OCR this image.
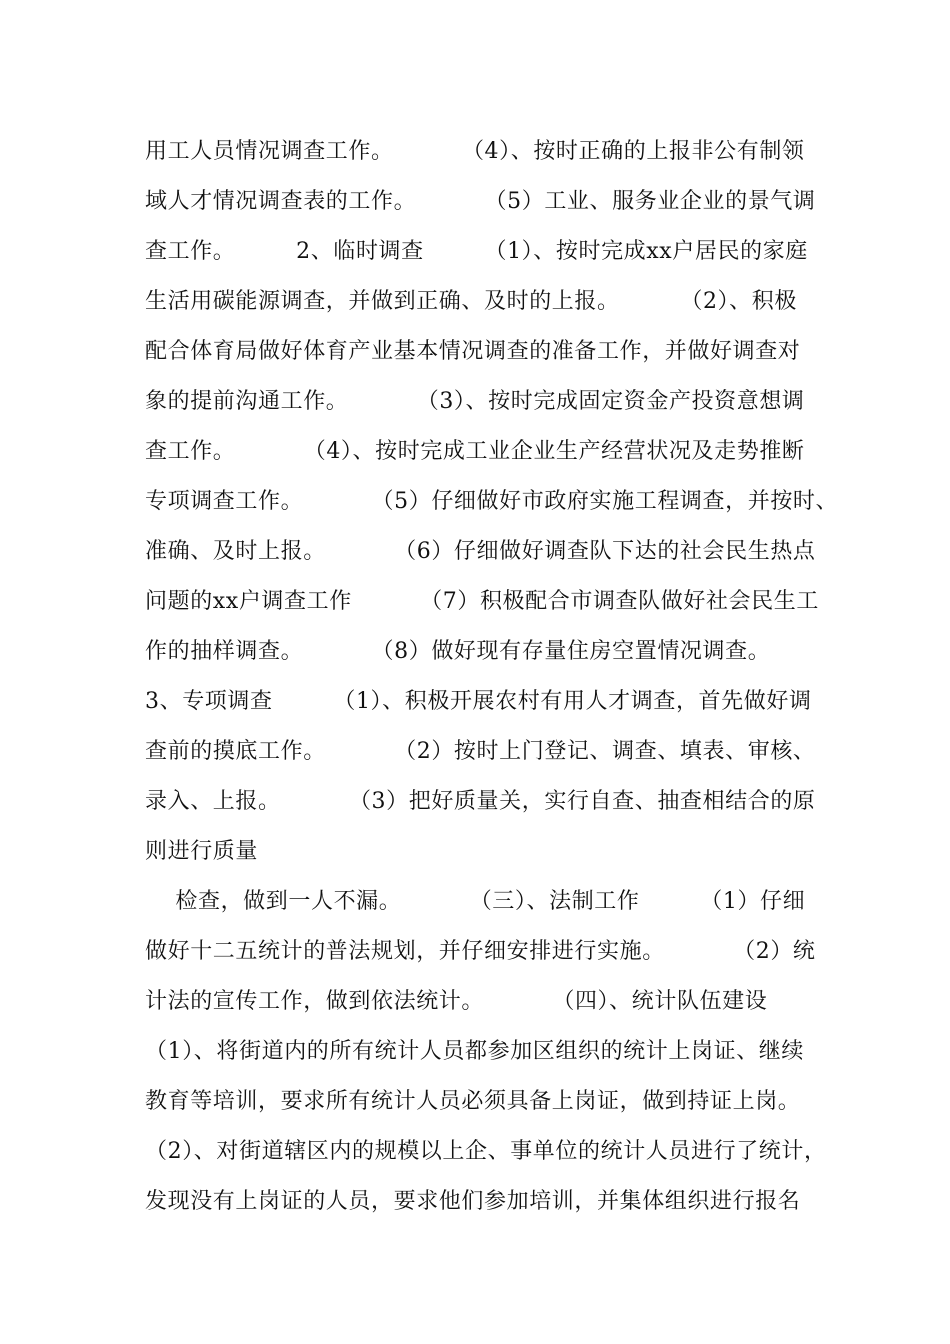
用工人员情况调查工作。         （4）、按时正确的上报非公有制领
域人才情况调查表的工作。         （5）工业、服务业企业的景气调
查工作。        2、临时调查        （1）、按时完成xx户居民的家庭
生活用碳能源调查，并做到正确、及时的上报。        （2）、积极
配合体育局做好体育产业基本情况调查的准备工作，并做好调查对
象的提前沟通工作。         （3）、按时完成固定资金产投资意想调
查工作。         （4）、按时完成工业企业生产经营状况及走势推断
专项调查工作。         （5）仔细做好市政府实施工程调查，并按时、
准确、及时上报。         （6）仔细做好调查队下达的社会民生热点
问题的xx户调查工作         （7）积极配合市调查队做好社会民生工
作的抽样调查。         （8）做好现有存量住房空置情况调查。
3、专项调查        （1）、积极开展农村有用人才调查，首先做好调
查前的摸底工作。         （2）按时上门登记、调查、填表、审核、
录入、上报。         （3）把好质量关，实行自查、抽查相结合的原
则进行质量
检查，做到一人不漏。         （三）、法制工作        （1）仔细
做好十二五统计的普法规划，并仔细安排进行实施。         （2）统
计法的宣传工作，做到依法统计。         （四）、统计队伍建设
（1）、将街道内的所有统计人员都参加区组织的统计上岗证、继续
教育等培训，要求所有统计人员必须具备上岗证，做到持证上岗。
（2）、对街道辖区内的规模以上企、事单位的统计人员进行了统计，
发现没有上岗证的人员，要求他们参加培训，并集体组织进行报名
